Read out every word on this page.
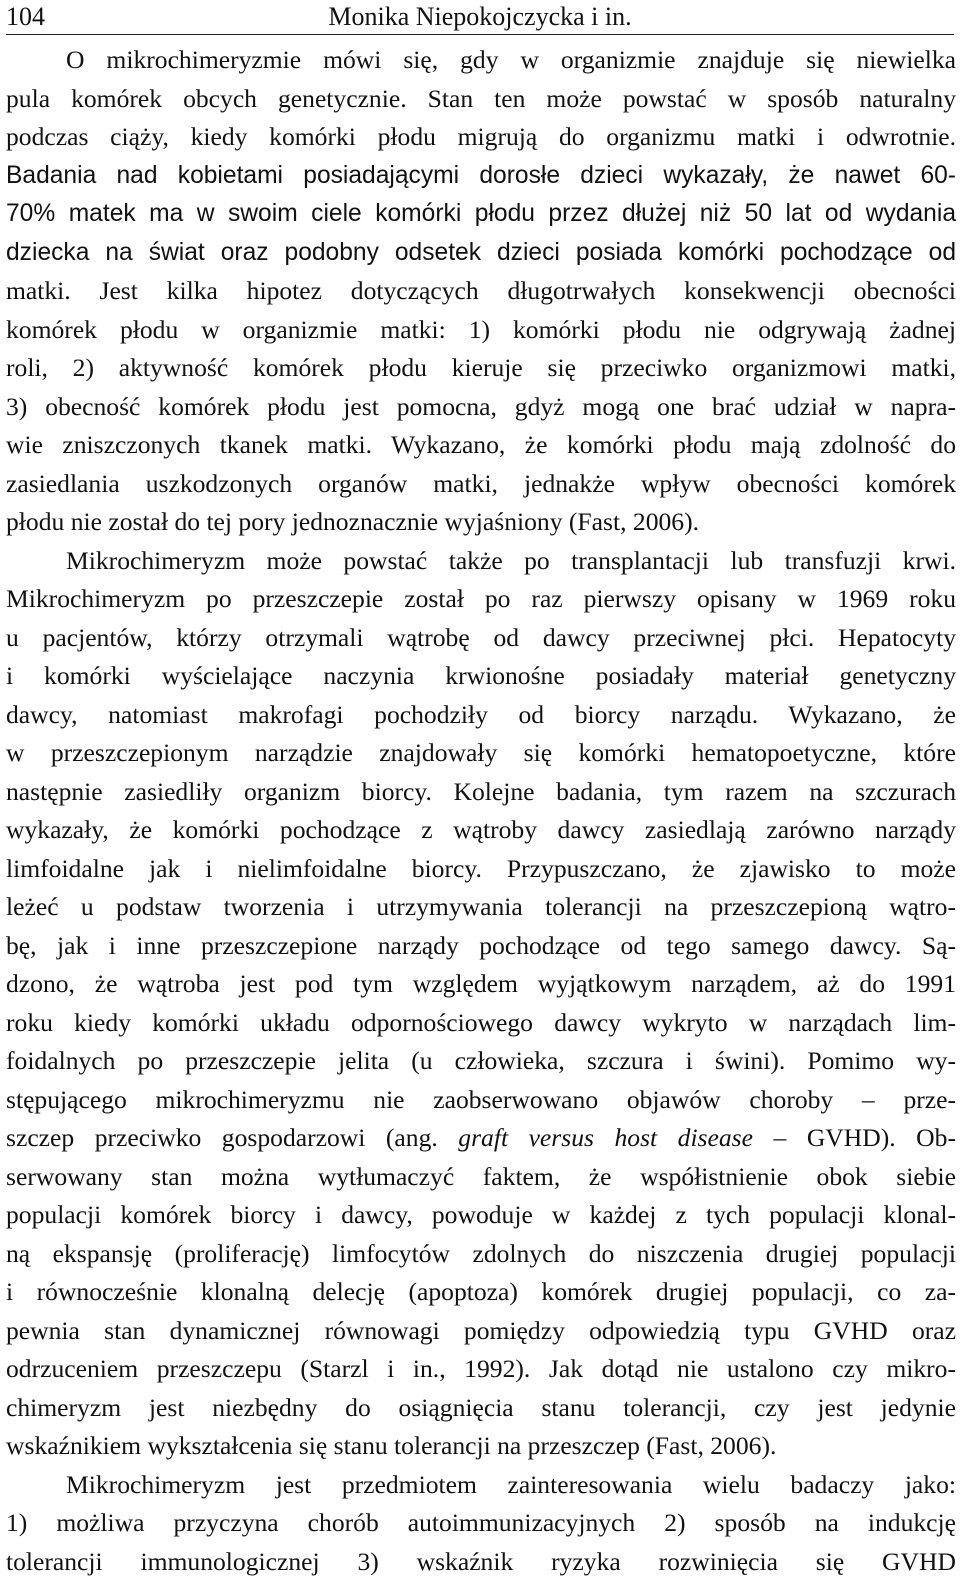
104	Monika Niepokojczycka i in.
O mikrochimeryzmie mówi się, gdy w organizmie znajduje się niewielka
pula komórek obcych genetycznie. Stan ten może powstać w sposób naturalny
podczas ciąży, kiedy komórki płodu migrują do organizmu matki i odwrotnie.
Badania nad kobietami posiadającymi dorosłe dzieci wykazały, że nawet 60-
70% matek ma w swoim ciele komórki płodu przez dłużej niż 50 lat od wydania
dziecka na świat oraz podobny odsetek dzieci posiada komórki pochodzące od
matki. Jest kilka hipotez dotyczących długotrwałych konsekwencji obecności
komórek płodu w organizmie matki: 1) komórki płodu nie odgrywają żadnej
roli, 2) aktywność komórek płodu kieruje się przeciwko organizmowi matki,
3) obecność komórek płodu jest pomocna, gdyż mogą one brać udział w napra-
wie zniszczonych tkanek matki. Wykazano, że komórki płodu mają zdolność do
zasiedlania uszkodzonych organów matki, jednakże wpływ obecności komórek
płodu nie został do tej pory jednoznacznie wyjaśniony (Fast, 2006).
Mikrochimeryzm może powstać także po transplantacji lub transfuzji krwi.
Mikrochimeryzm po przeszczepie został po raz pierwszy opisany w 1969 roku
u pacjentów, którzy otrzymali wątrobę od dawcy przeciwnej płci. Hepatocyty
i komórki wyścielające naczynia krwionośne posiadały materiał genetyczny
dawcy, natomiast makrofagi pochodziły od biorcy narządu. Wykazano, że
w przeszczepionym narządzie znajdowały się komórki hematopoetyczne, które
następnie zasiedliły organizm biorcy. Kolejne badania, tym razem na szczurach
wykazały, że komórki pochodzące z wątroby dawcy zasiedlają zarówno narządy
limfoidalne jak i nielimfoidalne biorcy. Przypuszczano, że zjawisko to może
leżeć u podstaw tworzenia i utrzymywania tolerancji na przeszczepioną wątro-
bę, jak i inne przeszczepione narządy pochodzące od tego samego dawcy. Są-
dzono, że wątroba jest pod tym względem wyjątkowym narządem, aż do 1991
roku kiedy komórki układu odpornościowego dawcy wykryto w narządach lim-
foidalnych po przeszczepie jelita (u człowieka, szczura i świni). Pomimo wy-
stępującego mikrochimeryzmu nie zaobserwowano objawów choroby – prze-
szczep przeciwko gospodarzowi (ang. graft versus host disease – GVHD). Ob-
serwowany stan można wytłumaczyć faktem, że współistnienie obok siebie
populacji komórek biorcy i dawcy, powoduje w każdej z tych populacji klonal-
ną ekspansję (proliferację) limfocytów zdolnych do niszczenia drugiej populacji
i równocześnie klonalną delecję (apoptoza) komórek drugiej populacji, co za-
pewnia stan dynamicznej równowagi pomiędzy odpowiedzią typu GVHD oraz
odrzuceniem przeszczepu (Starzl i in., 1992). Jak dotąd nie ustalono czy mikro-
chimeryzm jest niezbędny do osiągnięcia stanu tolerancji, czy jest jedynie
wskaźnikiem wykształcenia się stanu tolerancji na przeszczep (Fast, 2006).
Mikrochimeryzm jest przedmiotem zainteresowania wielu badaczy jako:
1) możliwa przyczyna chorób autoimmunizacyjnych 2) sposób na indukcję
tolerancji immunologicznej 3) wskaźnik ryzyka rozwinięcia się GVHD
